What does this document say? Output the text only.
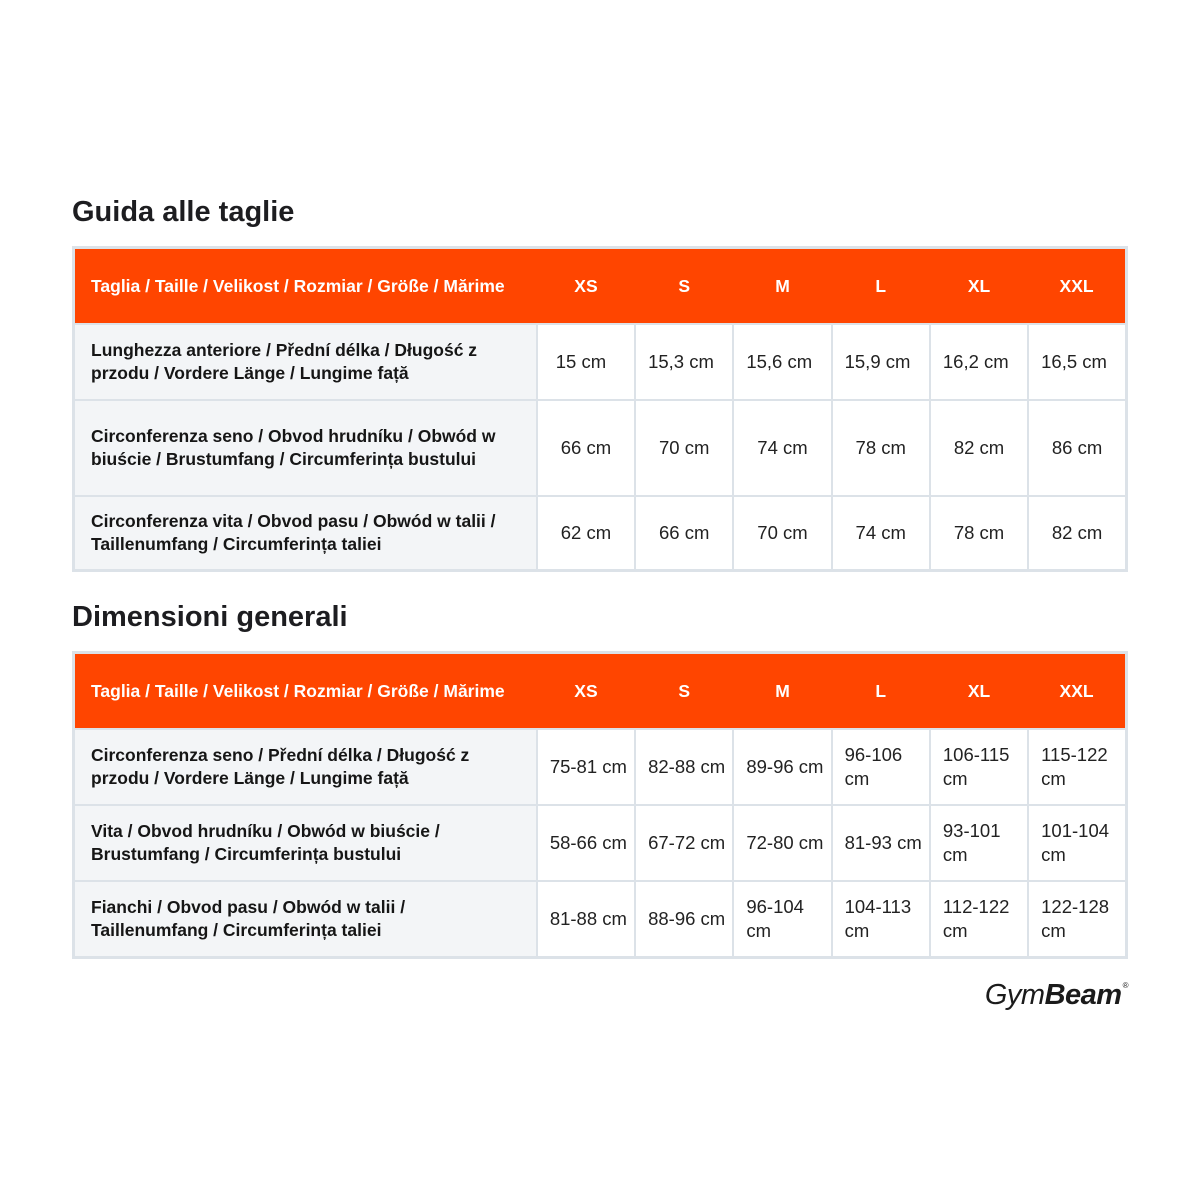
Guida alle taglie
Taglia / Taille / Velikost / Rozmiar / Größe / Mărime	XS	S	M	L	XL	XXL
Lunghezza anteriore / Přední délka / Długość z przodu / Vordere Länge / Lungime față	15 cm	15,3 cm	15,6 cm	15,9 cm	16,2 cm	16,5 cm
Circonferenza seno / Obvod hrudníku / Obwód w biuście / Brustumfang / Circumferința bustului	66 cm	70 cm	74 cm	78 cm	82 cm	86 cm
Circonferenza vita / Obvod pasu / Obwód w talii / Taillenumfang / Circumferința taliei	62 cm	66 cm	70 cm	74 cm	78 cm	82 cm
Dimensioni generali
Taglia / Taille / Velikost / Rozmiar / Größe / Mărime	XS	S	M	L	XL	XXL
Circonferenza seno / Přední délka / Długość z przodu / Vordere Länge / Lungime față	75-81 cm	82-88 cm	89-96 cm	96-106 cm	106-115 cm	115-122 cm
Vita / Obvod hrudníku / Obwód w biuście / Brustumfang / Circumferința bustului	58-66 cm	67-72 cm	72-80 cm	81-93 cm	93-101 cm	101-104 cm
Fianchi / Obvod pasu / Obwód w talii / Taillenumfang / Circumferința taliei	81-88 cm	88-96 cm	96-104 cm	104-113 cm	112-122 cm	122-128 cm
GymBeam®
